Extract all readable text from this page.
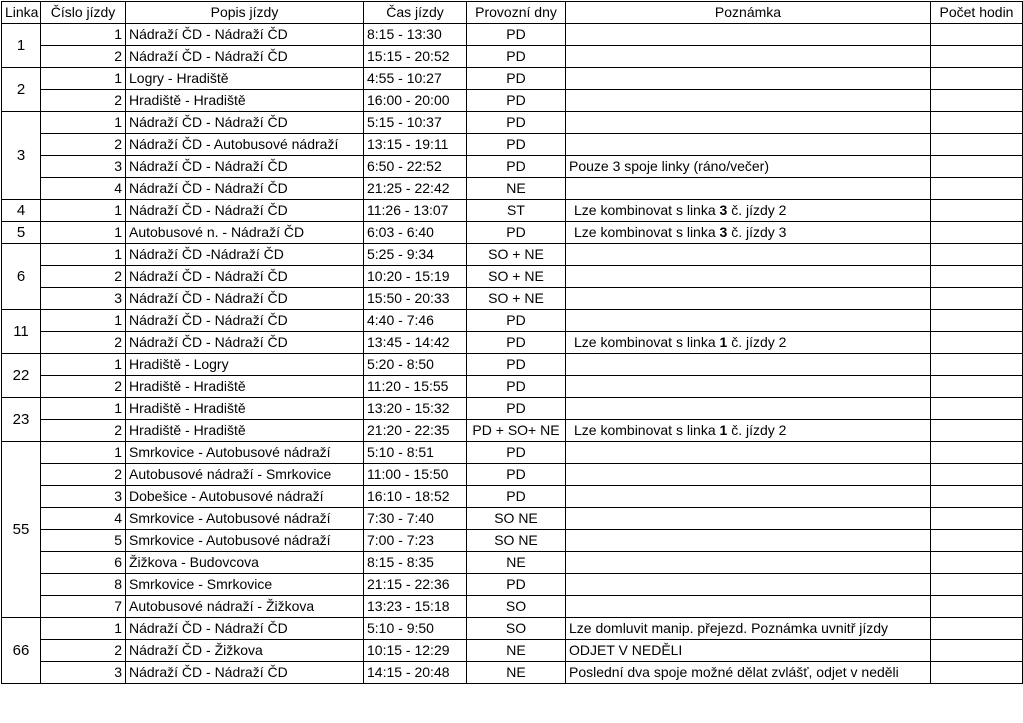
Linka	Číslo jízdy	Popis jízdy	Čas jízdy	Provozní dny	Poznámka	Počet hodin
1	1	Nádraží ČD - Nádraží ČD	8:15 - 13:30	PD		
	2	Nádraží ČD - Nádraží ČD	15:15 - 20:52	PD		
2	1	Logry - Hradiště	4:55 - 10:27	PD		
	2	Hradiště - Hradiště	16:00 - 20:00	PD		
3	1	Nádraží ČD - Nádraží ČD	5:15 - 10:37	PD		
	2	Nádraží ČD - Autobusové nádraží	13:15 - 19:11	PD		
	3	Nádraží ČD - Nádraží ČD	6:50 - 22:52	PD	Pouze 3 spoje linky (ráno/večer)	
	4	Nádraží ČD - Nádraží ČD	21:25 - 22:42	NE		
4	1	Nádraží ČD - Nádraží ČD	11:26 - 13:07	ST	Lze kombinovat s linka 3 č. jízdy 2	
5	1	Autobusové n. - Nádraží ČD	6:03 - 6:40	PD	Lze kombinovat s linka 3 č. jízdy 3	
6	1	Nádraží ČD -Nádraží ČD	5:25 - 9:34	SO + NE		
	2	Nádraží ČD - Nádraží ČD	10:20 - 15:19	SO + NE		
	3	Nádraží ČD - Nádraží ČD	15:50 - 20:33	SO + NE		
11	1	Nádraží ČD - Nádraží ČD	4:40 - 7:46	PD		
	2	Nádraží ČD - Nádraží ČD	13:45 - 14:42	PD	Lze kombinovat s linka 1 č. jízdy 2	
22	1	Hradiště - Logry	5:20 - 8:50	PD		
	2	Hradiště - Hradiště	11:20 - 15:55	PD		
23	1	Hradiště - Hradiště	13:20 - 15:32	PD		
	2	Hradiště - Hradiště	21:20 - 22:35	PD + SO+ NE	Lze kombinovat s linka 1 č. jízdy 2	
55	1	Smrkovice - Autobusové nádraží	5:10 - 8:51	PD		
	2	Autobusové nádraží - Smrkovice	11:00 - 15:50	PD		
	3	Dobešice - Autobusové nádraží	16:10 - 18:52	PD		
	4	Smrkovice - Autobusové nádraží	7:30 - 7:40	SO NE		
	5	Smrkovice - Autobusové nádraží	7:00 - 7:23	SO NE		
	6	Žižkova - Budovcova	8:15 - 8:35	NE		
	8	Smrkovice - Smrkovice	21:15 - 22:36	PD		
	7	Autobusové nádraží - Žižkova	13:23 - 15:18	SO		
66	1	Nádraží ČD - Nádraží ČD	5:10 - 9:50	SO	Lze domluvit manip. přejezd. Poznámka uvnitř jízdy	
	2	Nádraží ČD - Žižkova	10:15 - 12:29	NE	ODJET V NEDĚLI	
	3	Nádraží ČD - Nádraží ČD	14:15 - 20:48	NE	Poslední dva spoje možné dělat zvlášť, odjet v neděli	
